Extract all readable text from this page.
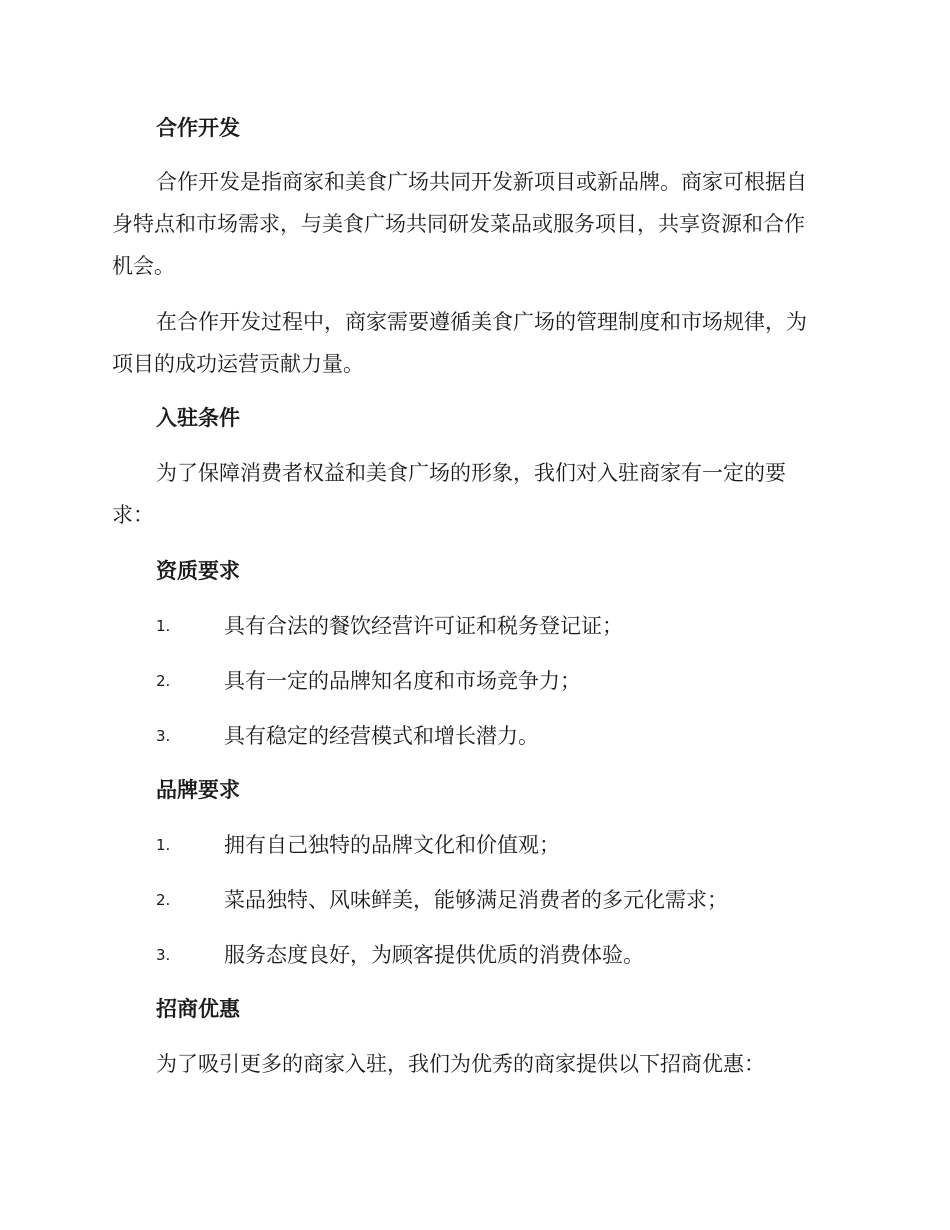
合作开发

合作开发是指商家和美食广场共同开发新项目或新品牌。商家可根据自
身特点和市场需求，与美食广场共同研发菜品或服务项目，共享资源和合作
机会。

在合作开发过程中，商家需要遵循美食广场的管理制度和市场规律，为
项目的成功运营贡献力量。

入驻条件

为了保障消费者权益和美食广场的形象，我们对入驻商家有一定的要
求：

资质要求
1.	具有合法的餐饮经营许可证和税务登记证；
2.	具有一定的品牌知名度和市场竞争力；
3.	具有稳定的经营模式和增长潜力。
品牌要求
1.	拥有自己独特的品牌文化和价值观；
2.	菜品独特、风味鲜美，能够满足消费者的多元化需求；
3.	服务态度良好，为顾客提供优质的消费体验。
招商优惠

为了吸引更多的商家入驻，我们为优秀的商家提供以下招商优惠：
